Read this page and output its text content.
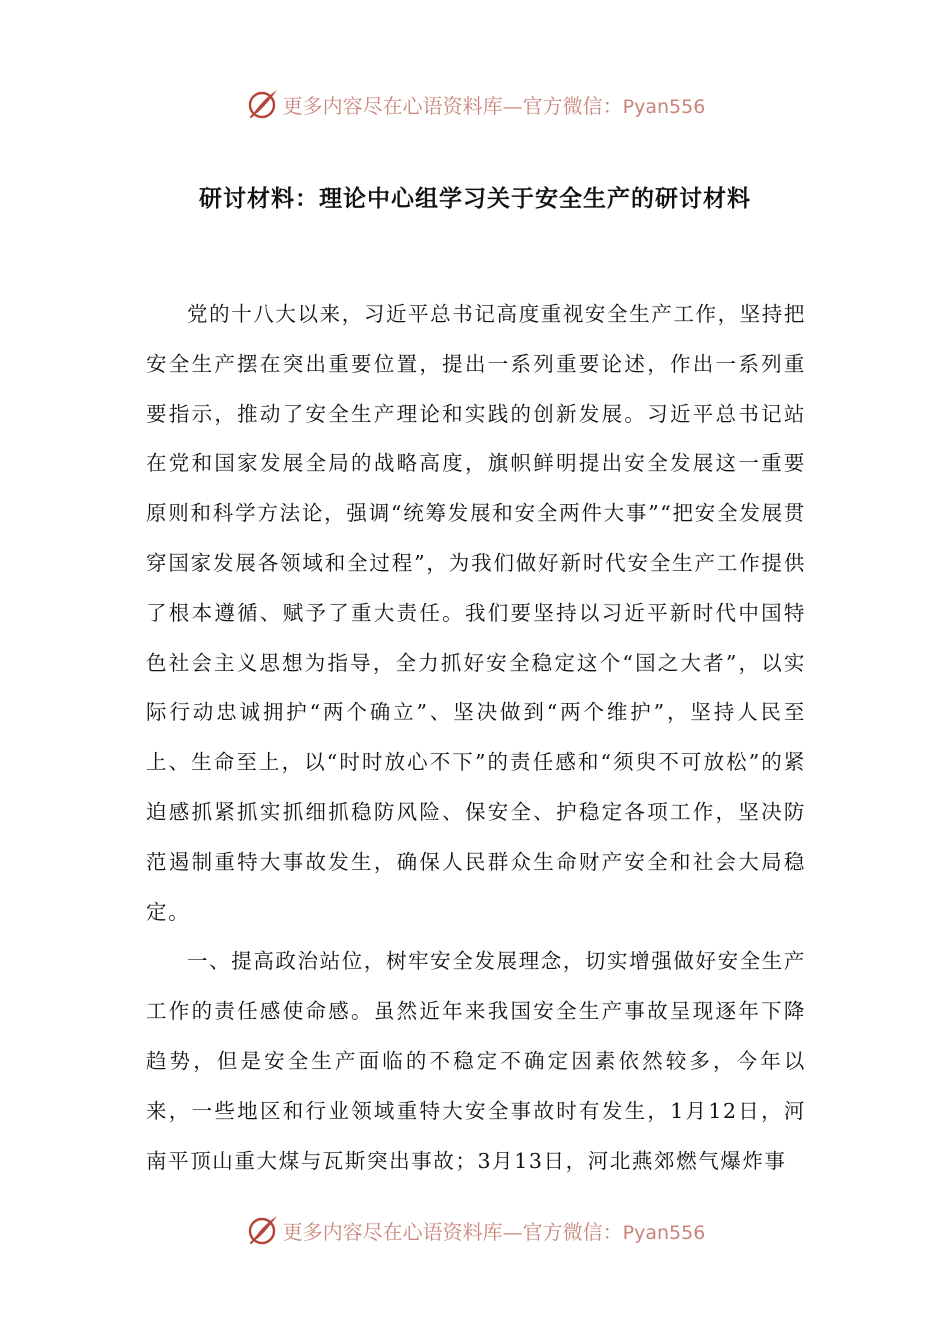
更多内容尽在心语资料库—官方微信：Pyan556
研讨材料：理论中心组学习关于安全生产的研讨材料

党的十八大以来，习近平总书记高度重视安全生产工作，坚持把安全生产摆在突出重要位置，提出一系列重要论述，作出一系列重要指示，推动了安全生产理论和实践的创新发展。习近平总书记站在党和国家发展全局的战略高度，旗帜鲜明提出安全发展这一重要原则和科学方法论，强调“统筹发展和安全两件大事”“把安全发展贯穿国家发展各领域和全过程”，为我们做好新时代安全生产工作提供了根本遵循、赋予了重大责任。我们要坚持以习近平新时代中国特色社会主义思想为指导，全力抓好安全稳定这个“国之大者”，以实际行动忠诚拥护“两个确立”、坚决做到“两个维护”，坚持人民至上、生命至上，以“时时放心不下”的责任感和“须臾不可放松”的紧迫感抓紧抓实抓细抓稳防风险、保安全、护稳定各项工作，坚决防范遏制重特大事故发生，确保人民群众生命财产安全和社会大局稳定。

一、提高政治站位，树牢安全发展理念，切实增强做好安全生产工作的责任感使命感。虽然近年来我国安全生产事故呈现逐年下降趋势，但是安全生产面临的不稳定不确定因素依然较多，今年以来，一些地区和行业领域重特大安全事故时有发生，1月12日，河南平顶山重大煤与瓦斯突出事故；3月13日，河北燕郊燃气爆炸事

更多内容尽在心语资料库—官方微信：Pyan556
